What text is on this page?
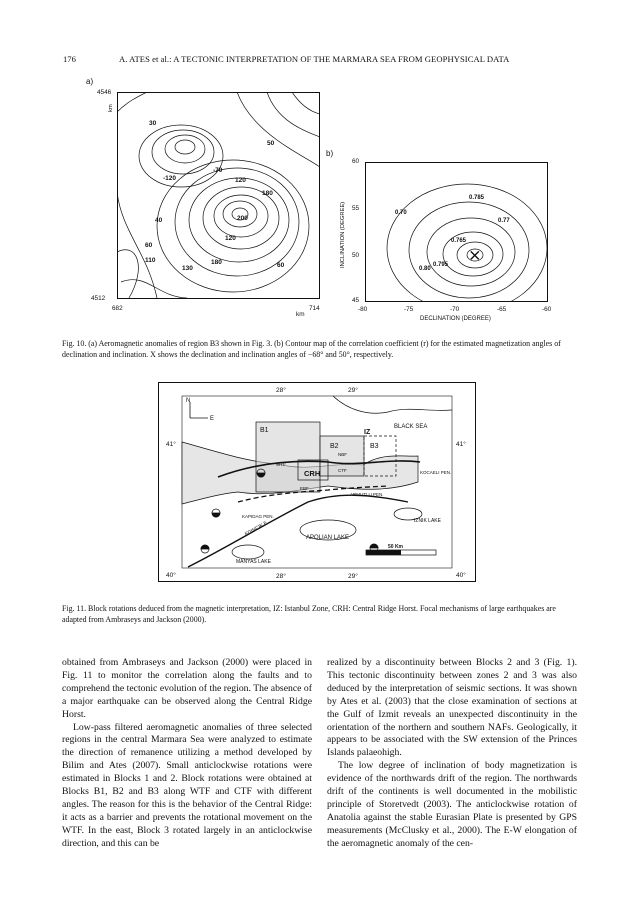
176	A. ATES et al.: A TECTONIC INTERPRETATION OF THE MARMARA SEA FROM GEOPHYSICAL DATA
a)
4546
km
4512
682	714
km
30
50
-120
-70
120
180
40
60
120
200
60
180
130
110
b)
INCLINATION (DEGREE)
60
55
50
45
-80	-75	-70	-65	-60
DECLINATION (DEGREE)
0.70
0.785
0.77
0.765
0.80
0.795
Fig. 10. (a) Aeromagnetic anomalies of region B3 shown in Fig. 3. (b) Contour map of the correlation coefficient (r) for the estimated magnetization angles of declination and inclination. X shows the declination and inclination angles of −68° and 50°, respectively.
N
E
28°	29°
28°	29°
41°	41°
40°	40°
BLACK SEA
KOCAELI PEN.
ARMUTLU PEN.
KAPIDAG PEN.
APOLIAN LAKE
MANYAS LAKE
IZNIK LAKE
B1
B2	B3
IZ
CRH
WTF
NBF
CTF
EBF
EDINCIK F.
50 Km
Fig. 11. Block rotations deduced from the magnetic interpretation, IZ: Istanbul Zone, CRH: Central Ridge Horst. Focal mechanisms of large earthquakes are adapted from Ambraseys and Jackson (2000).

obtained from Ambraseys and Jackson (2000) were placed in Fig. 11 to monitor the correlation along the faults and to comprehend the tectonic evolution of the region. The absence of a major earthquake can be observed along the Central Ridge Horst.

Low-pass filtered aeromagnetic anomalies of three selected regions in the central Marmara Sea were analyzed to estimate the direction of remanence utilizing a method developed by Bilim and Ates (2007). Small anticlockwise rotations were estimated in Blocks 1 and 2. Block rotations were obtained at Blocks B1, B2 and B3 along WTF and CTF with different angles. The reason for this is the behavior of the Central Ridge: it acts as a barrier and prevents the rotational movement on the WTF. In the east, Block 3 rotated largely in an anticlockwise direction, and this can be

realized by a discontinuity between Blocks 2 and 3 (Fig. 1). This tectonic discontinuity between zones 2 and 3 was also deduced by the interpretation of seismic sections. It was shown by Ates et al. (2003) that the close examination of sections at the Gulf of Izmit reveals an unexpected discontinuity in the orientation of the northern and southern NAFs. Geologically, it appears to be associated with the SW extension of the Princes Islands palaeohigh.

The low degree of inclination of body magnetization is evidence of the northwards drift of the region. The northwards drift of the continents is well documented in the mobilistic principle of Storetvedt (2003). The anticlockwise rotation of Anatolia against the stable Eurasian Plate is presented by GPS measurements (McClusky et al., 2000). The E-W elongation of the aeromagnetic anomaly of the cen-
